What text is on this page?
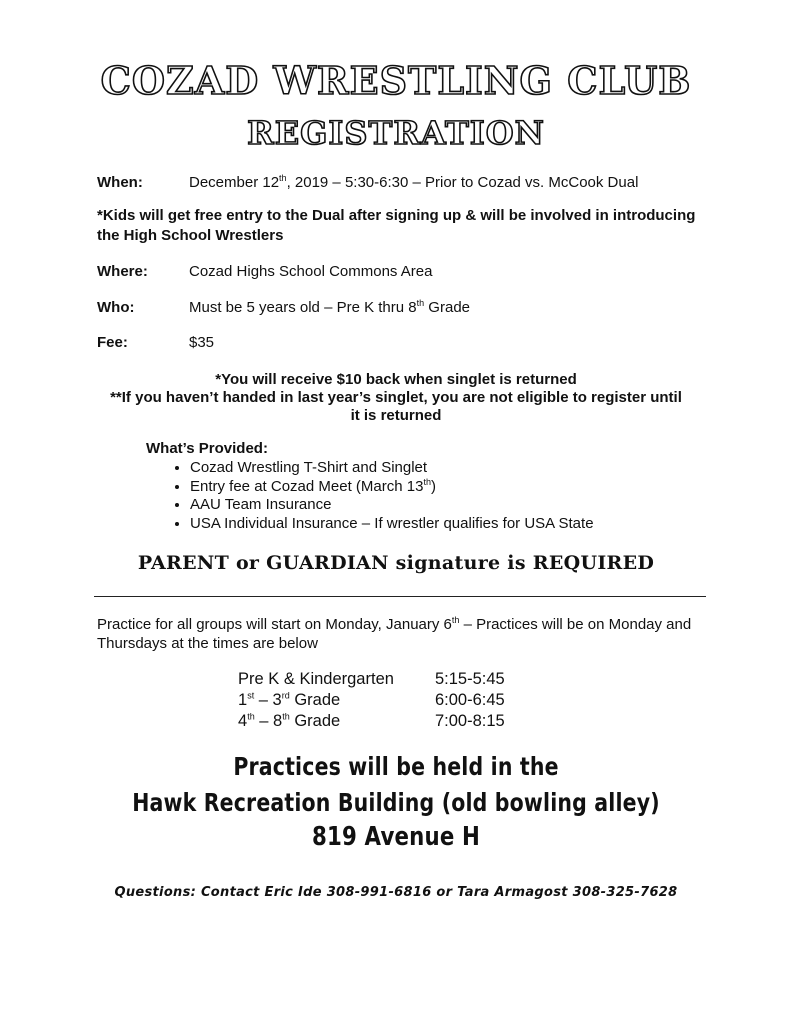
COZAD WRESTLING CLUB
REGISTRATION
When:	December 12th, 2019 – 5:30-6:30 – Prior to Cozad vs. McCook Dual
*Kids will get free entry to the Dual after signing up & will be involved in introducing the High School Wrestlers
Where:	Cozad Highs School Commons Area
Who:	Must be 5 years old – Pre K thru 8th Grade
Fee:	$35
*You will receive $10 back when singlet is returned
**If you haven’t handed in last year’s singlet, you are not eligible to register until
it is returned
What’s Provided:
• Cozad Wrestling T-Shirt and Singlet
• Entry fee at Cozad Meet (March 13th)
• AAU Team Insurance
• USA Individual Insurance – If wrestler qualifies for USA State
PARENT or GUARDIAN signature is REQUIRED
Practice for all groups will start on Monday, January 6th – Practices will be on Monday and Thursdays at the times are below
Pre K & Kindergarten 5:15-5:45
1st – 3rd Grade	6:00-6:45
4th – 8th Grade	7:00-8:15
Practices will be held in the
Hawk Recreation Building (old bowling alley)
819 Avenue H
Questions: Contact Eric Ide 308-991-6816 or Tara Armagost 308-325-7628
